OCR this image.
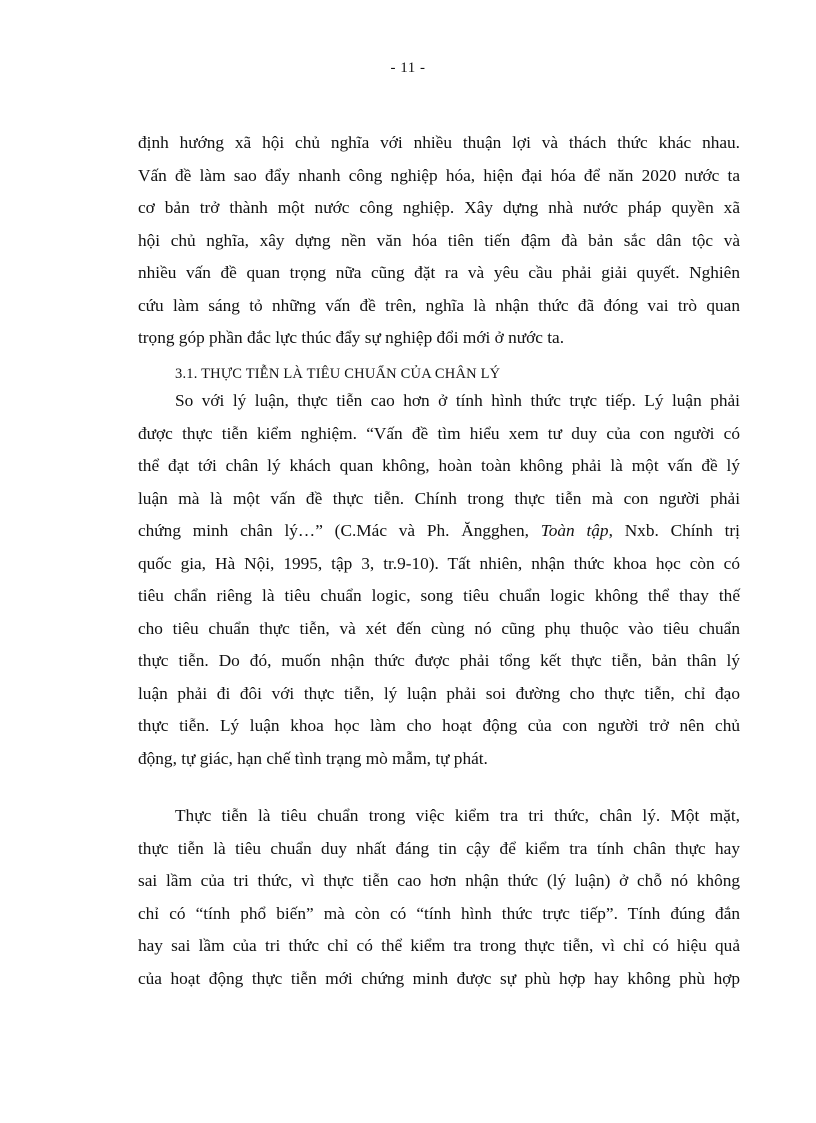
- 11 -
định hướng xã hội chủ nghĩa với nhiều thuận lợi và thách thức khác nhau.
Vấn đề làm sao đẩy nhanh công nghiệp hóa, hiện đại hóa để năn 2020 nước ta
cơ bản trở thành một nước công nghiệp. Xây dựng nhà nước pháp quyền xã
hội chủ nghĩa, xây dựng nền văn hóa tiên tiến đậm đà bản sắc dân tộc và
nhiều vấn đề quan trọng nữa cũng đặt ra và yêu cầu phải giải quyết. Nghiên
cứu làm sáng tỏ những vấn đề trên, nghĩa là nhận thức đã đóng vai trò quan
trọng góp phần đắc lực thúc đẩy sự nghiệp đổi mới ở nước ta.
3.1. THỰC TIỄN LÀ TIÊU CHUẨN CỦA CHÂN LÝ
So với lý luận, thực tiễn cao hơn ở tính hình thức trực tiếp. Lý luận phải
được thực tiễn kiểm nghiệm. “Vấn đề tìm hiểu xem tư duy của con người có
thể đạt tới chân lý khách quan không, hoàn toàn không phải là một vấn đề lý
luận mà là một vấn đề thực tiễn. Chính trong thực tiễn mà con người phải
chứng minh chân lý…” (C.Mác và Ph. Ăngghen, Toàn tập, Nxb. Chính trị
quốc gia, Hà Nội, 1995, tập 3, tr.9-10). Tất nhiên, nhận thức khoa học còn có
tiêu chẩn riêng là tiêu chuẩn logic, song tiêu chuẩn logic không thể thay thế
cho tiêu chuẩn thực tiễn, và xét đến cùng nó cũng phụ thuộc vào tiêu chuẩn
thực tiễn. Do đó, muốn nhận thức được phải tổng kết thực tiễn, bản thân lý
luận phải đi đôi với thực tiễn, lý luận phải soi đường cho thực tiễn, chỉ đạo
thực tiễn. Lý luận khoa học làm cho hoạt động của con người trở nên chủ
động, tự giác, hạn chế tình trạng mò mẫm, tự phát.
Thực tiễn là tiêu chuẩn trong việc kiểm tra tri thức, chân lý. Một mặt,
thực tiễn là tiêu chuẩn duy nhất đáng tin cậy để kiểm tra tính chân thực hay
sai lầm của tri thức, vì thực tiễn cao hơn nhận thức (lý luận) ở chỗ nó không
chỉ có “tính phổ biến” mà còn có “tính hình thức trực tiếp”. Tính đúng đắn
hay sai lầm của tri thức chỉ có thể kiểm tra trong thực tiễn, vì chỉ có hiệu quả
của hoạt động thực tiễn mới chứng minh được sự phù hợp hay không phù hợp
